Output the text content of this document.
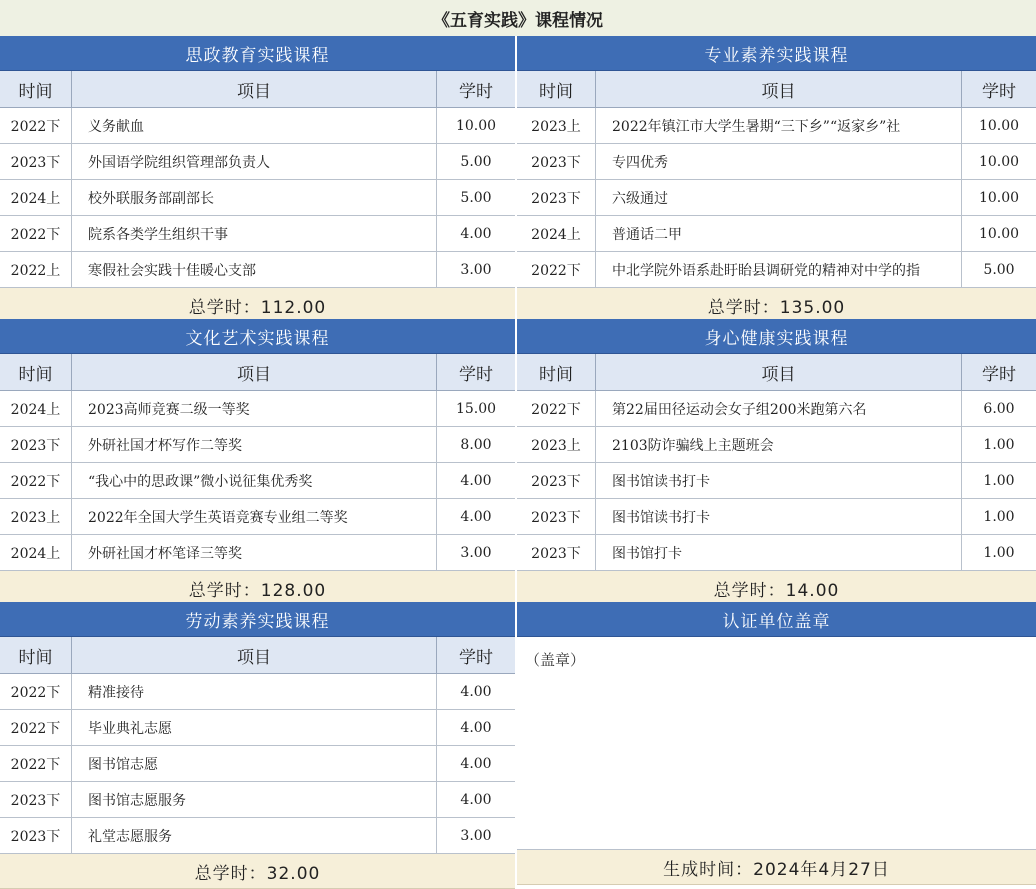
《五育实践》课程情况
思政教育实践课程
时间	项目	学时
2022下	义务献血	10.00
2023下	外国语学院组织管理部负责人	5.00
2024上	校外联服务部副部长	5.00
2022下	院系各类学生组织干事	4.00
2022上	寒假社会实践十佳暖心支部	3.00
总学时：112.00
文化艺术实践课程
时间	项目	学时
2024上	2023高师竞赛二级一等奖	15.00
2023下	外研社国才杯写作二等奖	8.00
2022下	“我心中的思政课”微小说征集优秀奖	4.00
2023上	2022年全国大学生英语竞赛专业组二等奖	4.00
2024上	外研社国才杯笔译三等奖	3.00
总学时：128.00
劳动素养实践课程
时间	项目	学时
2022下	精准接待	4.00
2022下	毕业典礼志愿	4.00
2022下	图书馆志愿	4.00
2023下	图书馆志愿服务	4.00
2023下	礼堂志愿服务	3.00
总学时：32.00
专业素养实践课程
时间	项目	学时
2023上	2022年镇江市大学生暑期“三下乡”“返家乡”社	10.00
2023下	专四优秀	10.00
2023下	六级通过	10.00
2024上	普通话二甲	10.00
2022下	中北学院外语系赴盱眙县调研党的精神对中学的指	5.00
总学时：135.00
身心健康实践课程
时间	项目	学时
2022下	第22届田径运动会女子组200米跑第六名	6.00
2023上	2103防诈骗线上主题班会	1.00
2023下	图书馆读书打卡	1.00
2023下	图书馆读书打卡	1.00
2023下	图书馆打卡	1.00
总学时：14.00
认证单位盖章
（盖章）
生成时间：2024年4月27日
